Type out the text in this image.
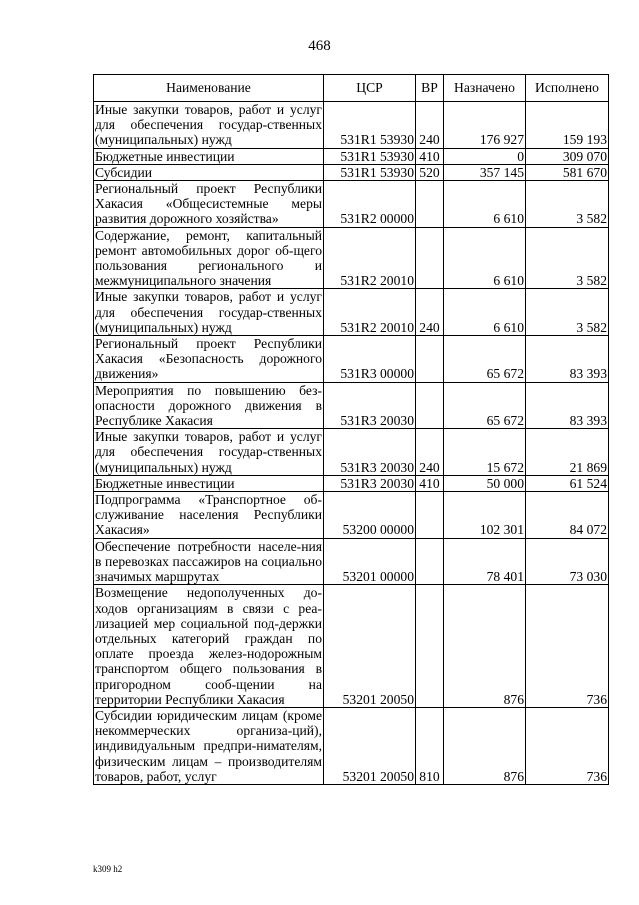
468
Наименование	ЦСР	ВР	Назначено	Исполнено
Иные закупки товаров, работ и услуг для обеспечения государ-ственных (муниципальных) нужд	531R1 53930	240	176 927	159 193
Бюджетные инвестиции	531R1 53930	410	0	309 070
Субсидии	531R1 53930	520	357 145	581 670
Региональный проект Республики Хакасия «Общесистемные меры развития дорожного хозяйства»	531R2 00000		6 610	3 582
Содержание, ремонт, капитальный ремонт автомобильных дорог об-щего пользования регионального и межмуниципального значения	531R2 20010		6 610	3 582
Иные закупки товаров, работ и услуг для обеспечения государ-ственных (муниципальных) нужд	531R2 20010	240	6 610	3 582
Региональный проект Республики Хакасия «Безопасность дорожного движения»	531R3 00000		65 672	83 393
Мероприятия по повышению без-опасности дорожного движения в Республике Хакасия	531R3 20030		65 672	83 393
Иные закупки товаров, работ и услуг для обеспечения государ-ственных (муниципальных) нужд	531R3 20030	240	15 672	21 869
Бюджетные инвестиции	531R3 20030	410	50 000	61 524
Подпрограмма «Транспортное об-служивание населения Республики Хакасия»	53200 00000		102 301	84 072
Обеспечение потребности населе-ния в перевозках пассажиров на социально значимых маршрутах	53201 00000		78 401	73 030
Возмещение недополученных до-ходов организациям в связи с реа-лизацией мер социальной под-держки отдельных категорий граждан по оплате проезда желез-нодорожным транспортом общего пользования в пригородном сооб-щении на территории Республики Хакасия	53201 20050		876	736
Субсидии юридическим лицам (кроме некоммерческих организа-ций), индивидуальным предпри-нимателям, физическим лицам – производителям товаров, работ, услуг	53201 20050	810	876	736
k309 h2
